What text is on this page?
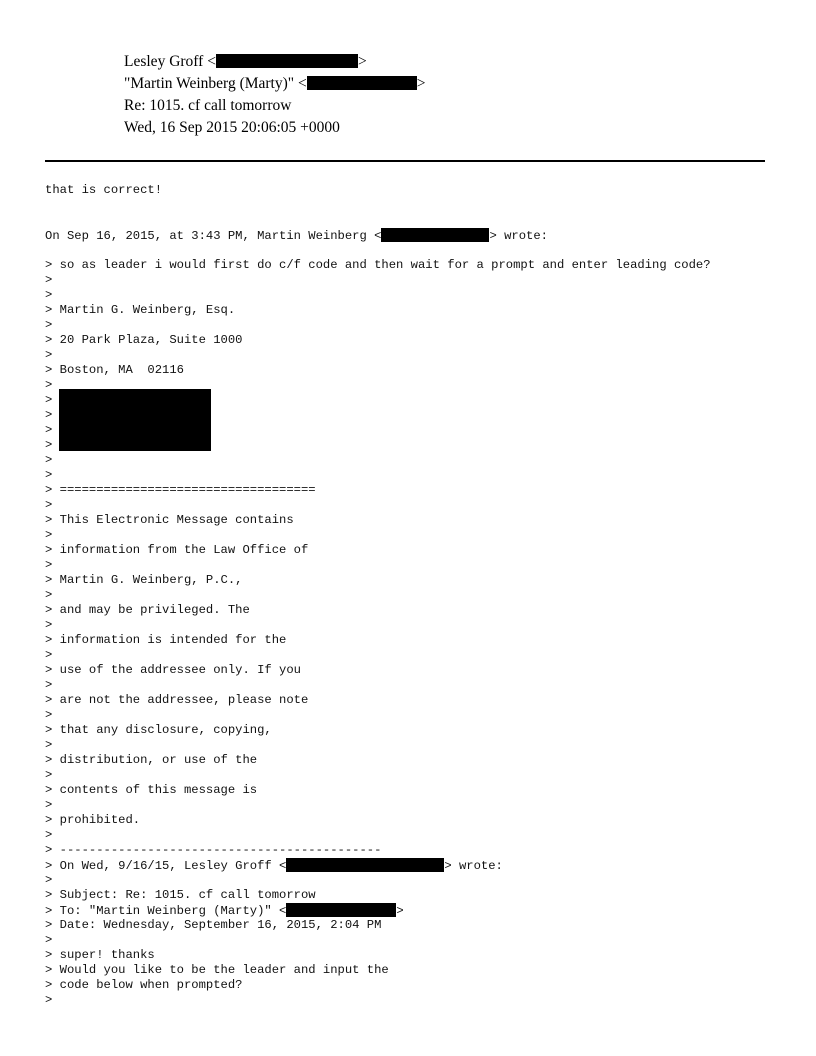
Lesley Groff <	>
"Martin Weinberg (Marty)" <	>
Re: 1015. cf call tomorrow
Wed, 16 Sep 2015 20:06:05 +0000
that is correct!
On Sep 16, 2015, at 3:43 PM, Martin Weinberg <	> wrote:
> so as leader i would first do c/f code and then wait for a prompt and enter leading code?
>
>
> Martin G. Weinberg, Esq.
>
> 20 Park Plaza, Suite 1000
>
> Boston, MA  02116
>
>
>
>
>
>
>
> ===================================
>
> This Electronic Message contains
>
> information from the Law Office of
>
> Martin G. Weinberg, P.C.,
>
> and may be privileged. The
>
> information is intended for the
>
> use of the addressee only. If you
>
> are not the addressee, please note
>
> that any disclosure, copying,
>
> distribution, or use of the
>
> contents of this message is
>
> prohibited.
>
> --------------------------------------------
> On Wed, 9/16/15, Lesley Groff <	> wrote:
>
> Subject: Re: 1015. cf call tomorrow
> To: "Martin Weinberg (Marty)" <	>
> Date: Wednesday, September 16, 2015, 2:04 PM
>
> super! thanks
> Would you like to be the leader and input the
> code below when prompted?
>
